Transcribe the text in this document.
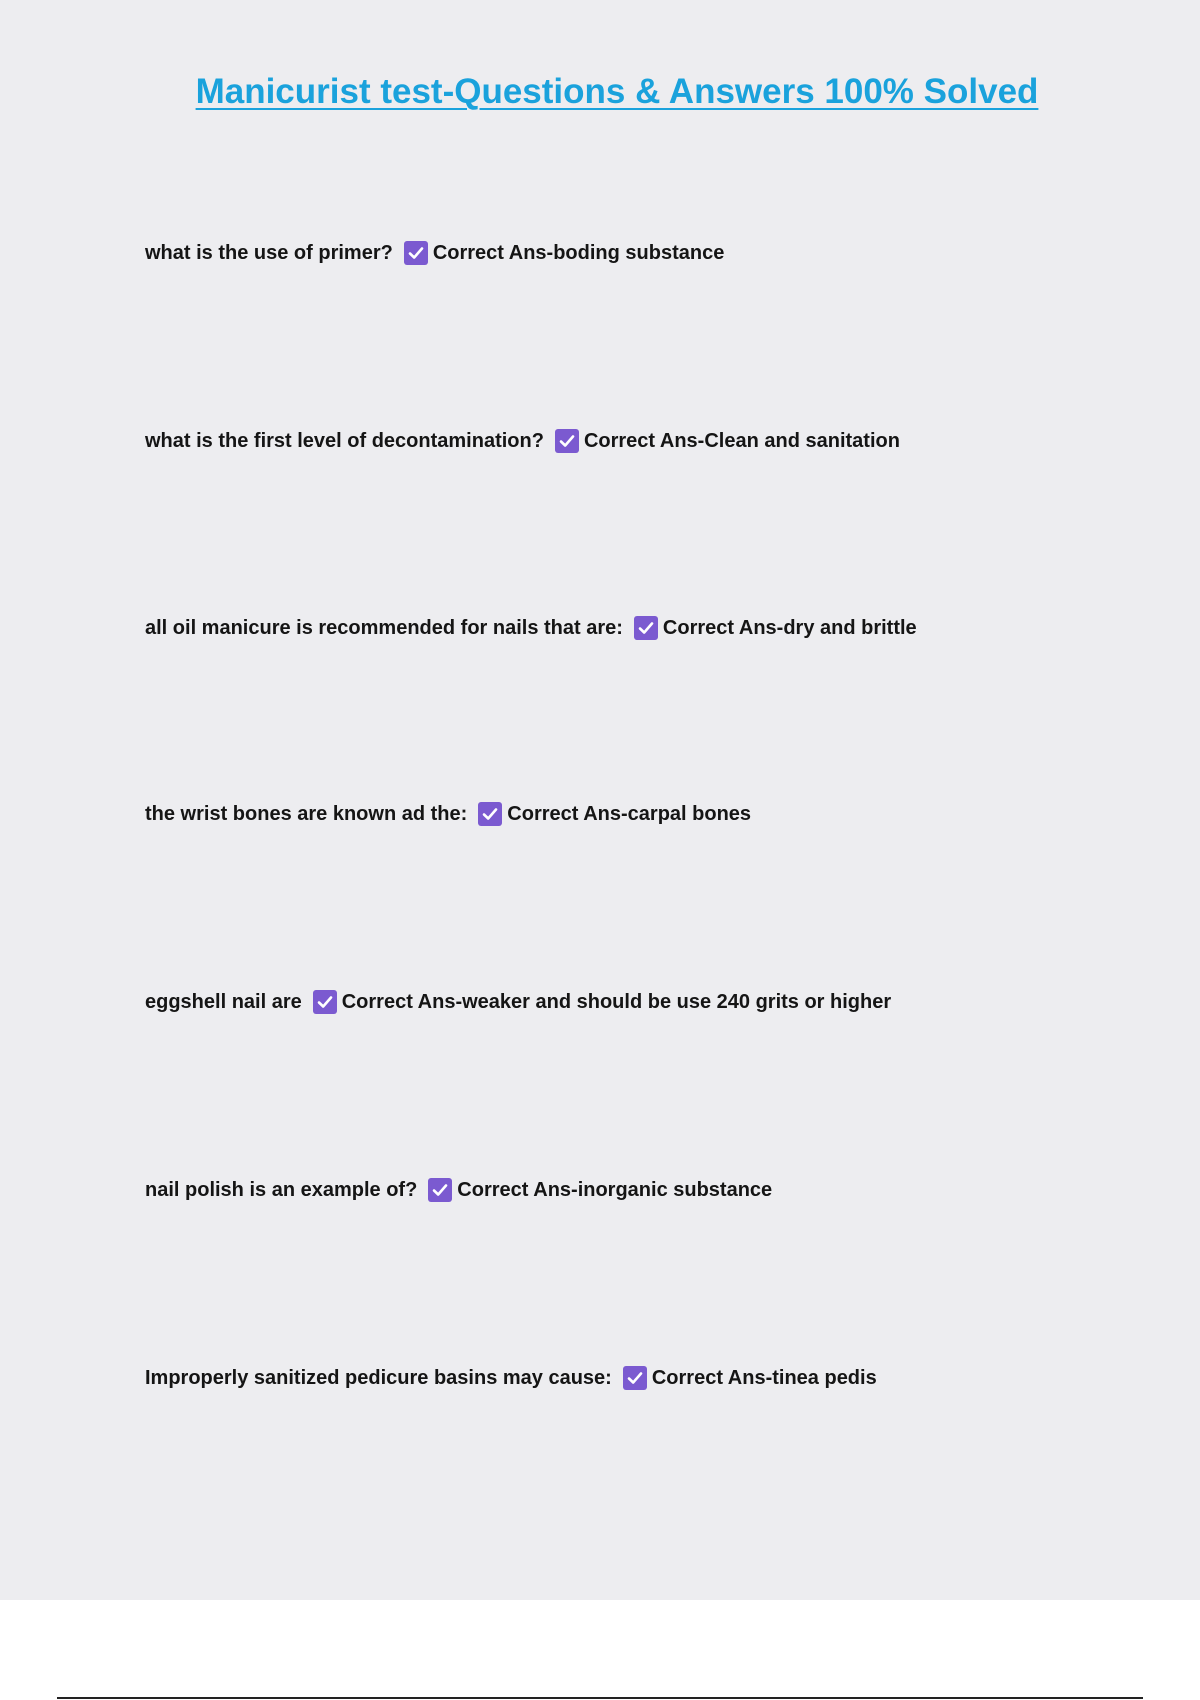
Manicurist test-Questions & Answers 100% Solved
what is the use of primer? Correct Ans-boding substance
what is the first level of decontamination? Correct Ans-Clean and sanitation
all oil manicure is recommended for nails that are: Correct Ans-dry and brittle
the wrist bones are known ad the: Correct Ans-carpal bones
eggshell nail are Correct Ans-weaker and should be use 240 grits or higher
nail polish is an example of? Correct Ans-inorganic substance
Improperly sanitized pedicure basins may cause: Correct Ans-tinea pedis
